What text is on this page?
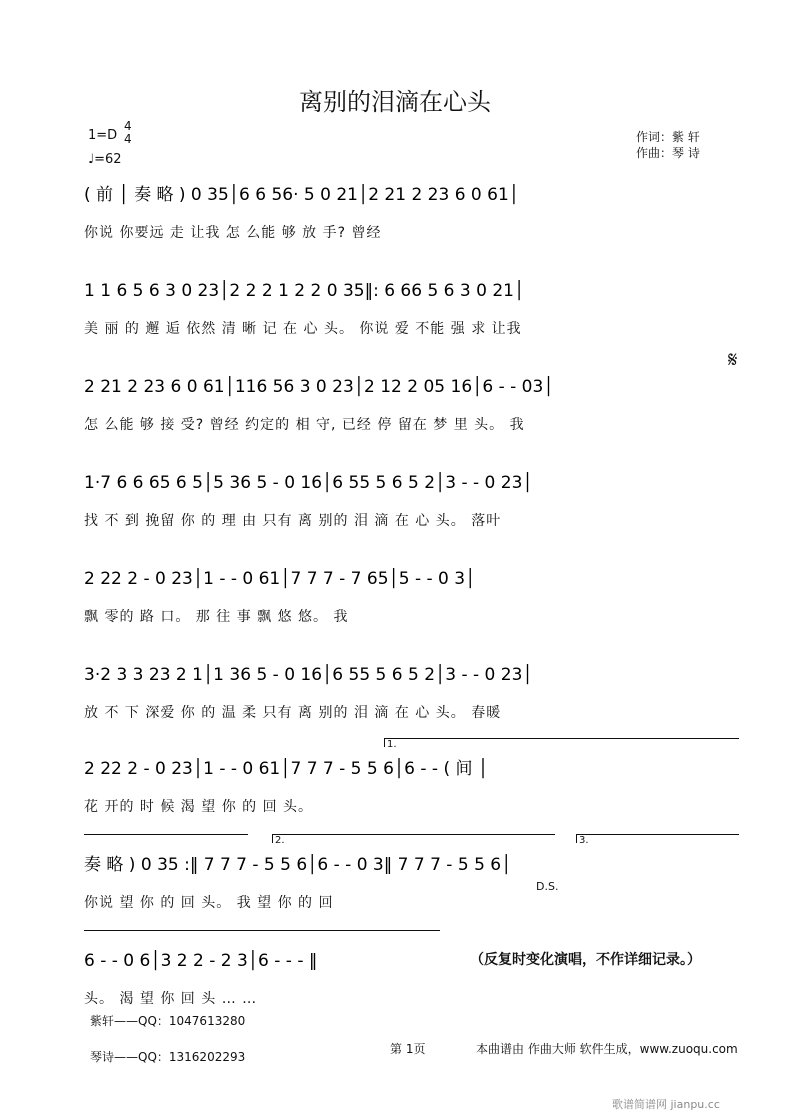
离别的泪滴在心头
1=D
4
4
♩=62
作词：紫 轩
作曲：琴 诗
( 前 │ 奏 略 ) 0 35│6 6 56· 5 0 21│2 21 2 23 6 0 61│
你说 你要远 走 让我 怎 么能 够 放 手? 曾经
1 1 6 5 6 3 0 23│2 2 2 1 2 2 0 35‖: 6 66 5 6 3 0 21│
美 丽 的 邂 逅 依然 清 晰 记 在 心 头。 你说 爱 不能 强 求 让我
𝄋
2 21 2 23 6 0 61│116 56 3 0 23│2 12 2 05 16│6 - - 03│
怎 么能 够 接 受? 曾经 约定的 相 守, 已经 停 留在 梦 里 头。 我
1·7 6 6 65 6 5│5 36 5 - 0 16│6 55 5 6 5 2│3 - - 0 23│
找 不 到 挽留 你 的 理 由 只有 离 别的 泪 滴 在 心 头。 落叶
2 22 2 - 0 23│1 - - 0 61│7 7 7 - 7 65│5 - - 0 3│
飘 零的 路 口。 那 往 事 飘 悠 悠。 我
3·2 3 3 23 2 1│1 36 5 - 0 16│6 55 5 6 5 2│3 - - 0 23│
放 不 下 深爱 你 的 温 柔 只有 离 别的 泪 滴 在 心 头。 春暖
1.
2 22 2 - 0 23│1 - - 0 61│7 7 7 - 5 5 6│6 - - ( 间 │
花 开的 时 候 渴 望 你 的 回 头。
2.	3.
奏 略 ) 0 35 :‖ 7 7 7 - 5 5 6│6 - - 0 3‖ 7 7 7 - 5 5 6│
你说 望 你 的 回 头。 我 望 你 的 回
D.S.
6 - - 0 6│3 2 2 - 2 3│6 - - - ‖
头。 渴 望 你 回 头 … …
（反复时变化演唱，不作详细记录。）
紫轩——QQ：1047613280
琴诗——QQ：1316202293
第 1页	本曲谱由 作曲大师 软件生成，www.zuoqu.com
歌谱简谱网 jianpu.cc
